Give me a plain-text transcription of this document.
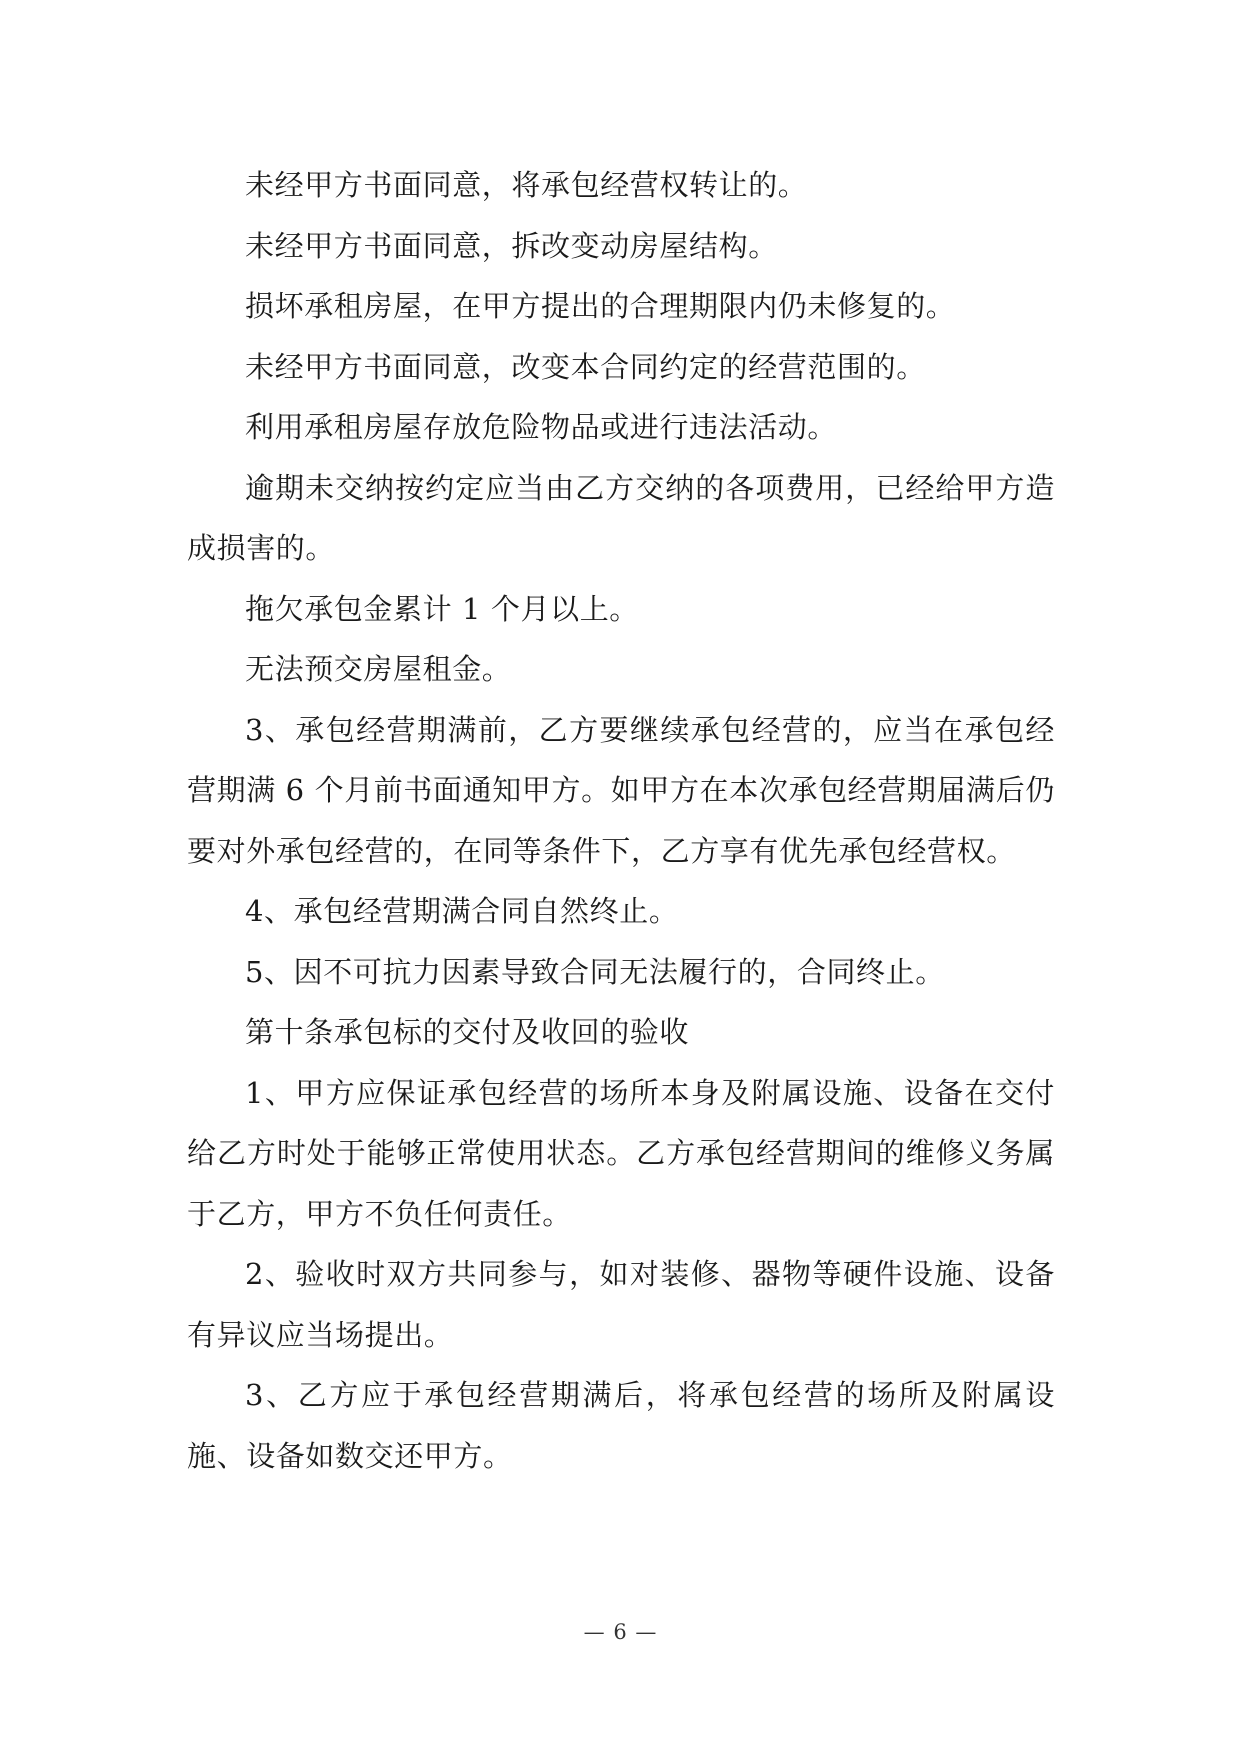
未经甲方书面同意，将承包经营权转让的。

未经甲方书面同意，拆改变动房屋结构。

损坏承租房屋，在甲方提出的合理期限内仍未修复的。

未经甲方书面同意，改变本合同约定的经营范围的。

利用承租房屋存放危险物品或进行违法活动。

逾期未交纳按约定应当由乙方交纳的各项费用，已经给甲方造成损害的。

拖欠承包金累计 1 个月以上。

无法预交房屋租金。

3、承包经营期满前，乙方要继续承包经营的，应当在承包经营期满 6 个月前书面通知甲方。如甲方在本次承包经营期届满后仍要对外承包经营的，在同等条件下，乙方享有优先承包经营权。

4、承包经营期满合同自然终止。

5、因不可抗力因素导致合同无法履行的，合同终止。

第十条承包标的交付及收回的验收

1、甲方应保证承包经营的场所本身及附属设施、设备在交付给乙方时处于能够正常使用状态。乙方承包经营期间的维修义务属于乙方，甲方不负任何责任。

2、验收时双方共同参与，如对装修、器物等硬件设施、设备有异议应当场提出。

3、乙方应于承包经营期满后，将承包经营的场所及附属设施、设备如数交还甲方。

— 6 —
